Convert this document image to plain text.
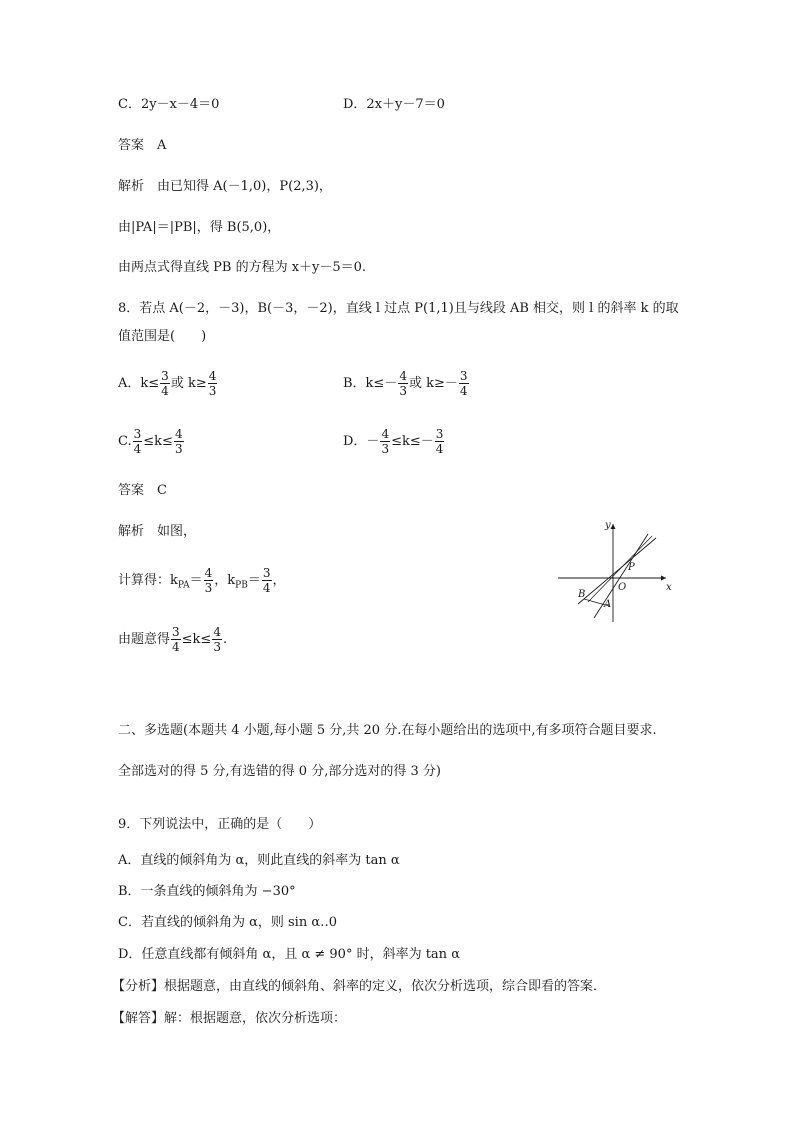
C．2y－x－4＝0	D．2x＋y－7＝0
答案　 A
解析　 由已知得 A(－1,0)，P(2,3)，
由|PA|＝|PB|，得 B(5,0)，
由两点式得直线 PB 的方程为 x＋y－5＝0.
8．若点 A(－2，－3)，B(－3，－2)，直线 l 过点 P(1,1)且与线段 AB 相交，则 l 的斜率 k 的取
值范围是(　　)
A．$k\le \frac{3}{4}$ 或 $k\ge \frac{4}{3}$	B．$k\le- \frac{4}{3}$ 或 $k\ge- \frac{3}{4}$
C. $\frac{3}{4} \le k\le \frac{4}{3}$	D．－ $\frac{4}{3} \le k\le- \frac{3}{4}$
答案　 C
解析　 如图，
计算得：$k_{PA}= \frac{4}{3}$ ，$k_{PB}= \frac{3}{4}$ ，
由题意得 $\frac{3}{4} \le k\le \frac{4}{3}$ .
y
x
P
O
B
A
二、多选题(本题共 4 小题,每小题 5 分,共 20 分.在每小题给出的选项中,有多项符合题目要求.
全部选对的得 5 分,有选错的得 0 分,部分选对的得 3 分)
9．下列说法中，正确的是（　　）
A．直线的倾斜角为 α，则此直线的斜率为 tan α
B．一条直线的倾斜角为 −30°
C．若直线的倾斜角为 α，则 sin α‥0
D．任意直线都有倾斜角 α，且 α ≠ 90° 时，斜率为 tan α
【分析】根据题意，由直线的倾斜角、斜率的定义，依次分析选项，综合即看的答案．
【解答】解：根据题意，依次分析选项：
